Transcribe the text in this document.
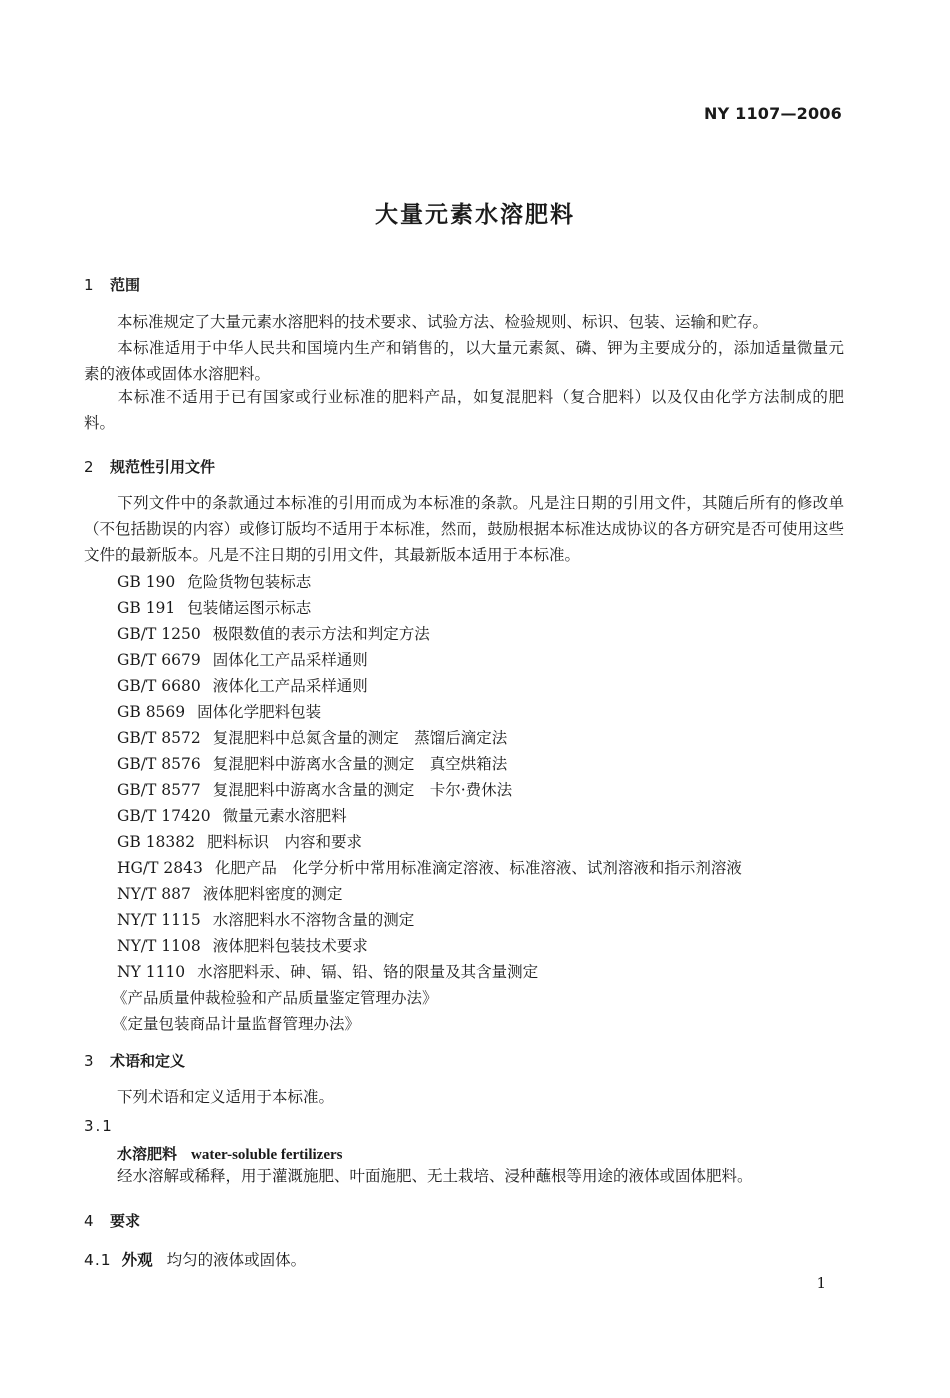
NY 1107—2006
大量元素水溶肥料
1 范围
本标准规定了大量元素水溶肥料的技术要求、试验方法、检验规则、标识、包装、运输和贮存。
本标准适用于中华人民共和国境内生产和销售的，以大量元素氮、磷、钾为主要成分的，添加适量微量元素的液体或固体水溶肥料。
本标准不适用于已有国家或行业标准的肥料产品，如复混肥料（复合肥料）以及仅由化学方法制成的肥料。
2 规范性引用文件
下列文件中的条款通过本标准的引用而成为本标准的条款。凡是注日期的引用文件，其随后所有的修改单（不包括勘误的内容）或修订版均不适用于本标准，然而，鼓励根据本标准达成协议的各方研究是否可使用这些文件的最新版本。凡是不注日期的引用文件，其最新版本适用于本标准。
GB 190 危险货物包装标志
GB 191 包装储运图示标志
GB/T 1250 极限数值的表示方法和判定方法
GB/T 6679 固体化工产品采样通则
GB/T 6680 液体化工产品采样通则
GB 8569 固体化学肥料包装
GB/T 8572 复混肥料中总氮含量的测定　蒸馏后滴定法
GB/T 8576 复混肥料中游离水含量的测定　真空烘箱法
GB/T 8577 复混肥料中游离水含量的测定　卡尔·费休法
GB/T 17420 微量元素水溶肥料
GB 18382 肥料标识　内容和要求
HG/T 2843 化肥产品　化学分析中常用标准滴定溶液、标准溶液、试剂溶液和指示剂溶液
NY/T 887 液体肥料密度的测定
NY/T 1115 水溶肥料水不溶物含量的测定
NY/T 1108 液体肥料包装技术要求
NY 1110 水溶肥料汞、砷、镉、铅、铬的限量及其含量测定
《产品质量仲裁检验和产品质量鉴定管理办法》
《定量包装商品计量监督管理办法》
3 术语和定义
下列术语和定义适用于本标准。
3.1
水溶肥料 water-soluble fertilizers
经水溶解或稀释，用于灌溉施肥、叶面施肥、无土栽培、浸种蘸根等用途的液体或固体肥料。
4 要求
4.1 外观 均匀的液体或固体。
1
